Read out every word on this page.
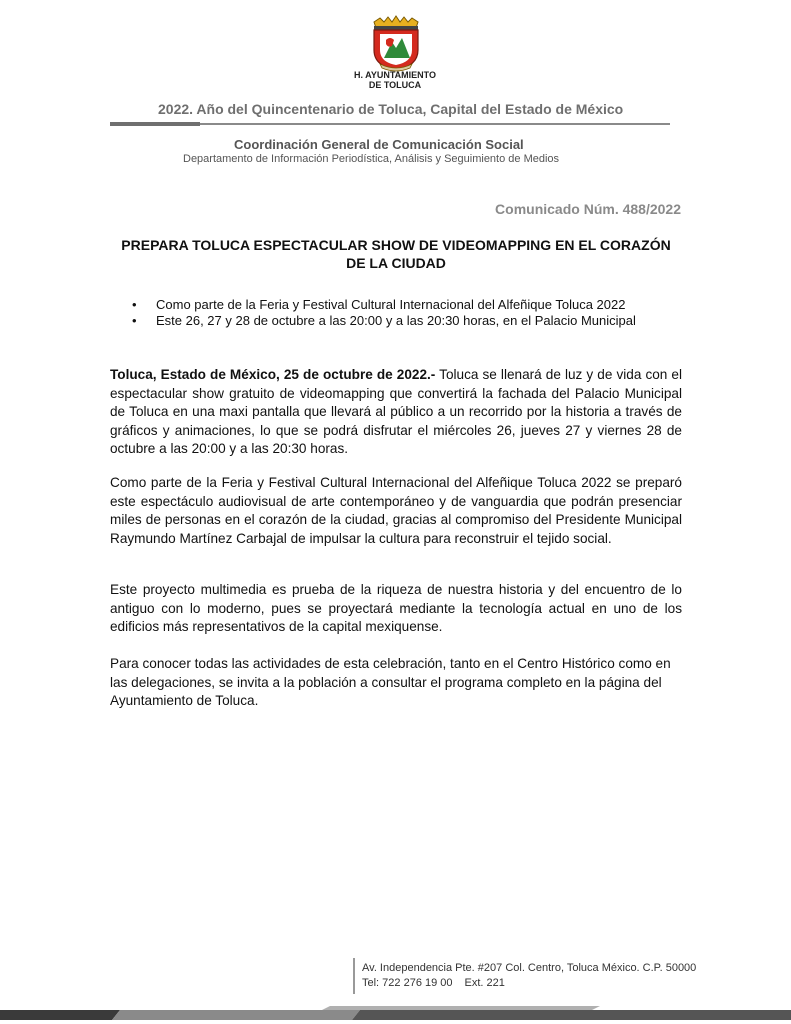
H. AYUNTAMIENTO
DE TOLUCA
2022. Año del Quincentenario de Toluca, Capital del Estado de México
Coordinación General de Comunicación Social
Departamento de Información Periodística, Análisis y Seguimiento de Medios
Comunicado Núm. 488/2022
PREPARA TOLUCA ESPECTACULAR SHOW DE VIDEOMAPPING EN EL CORAZÓN DE LA CIUDAD
• Como parte de la Feria y Festival Cultural Internacional del Alfeñique Toluca 2022
• Este 26, 27 y 28 de octubre a las 20:00 y a las 20:30 horas, en el Palacio Municipal

Toluca, Estado de México, 25 de octubre de 2022.- Toluca se llenará de luz y de vida con el espectacular show gratuito de videomapping que convertirá la fachada del Palacio Municipal de Toluca en una maxi pantalla que llevará al público a un recorrido por la historia a través de gráficos y animaciones, lo que se podrá disfrutar el miércoles 26, jueves 27 y viernes 28 de octubre a las 20:00 y a las 20:30 horas.

Como parte de la Feria y Festival Cultural Internacional del Alfeñique Toluca 2022 se preparó este espectáculo audiovisual de arte contemporáneo y de vanguardia que podrán presenciar miles de personas en el corazón de la ciudad, gracias al compromiso del Presidente Municipal Raymundo Martínez Carbajal de impulsar la cultura para reconstruir el tejido social.

Este proyecto multimedia es prueba de la riqueza de nuestra historia y del encuentro de lo antiguo con lo moderno, pues se proyectará mediante la tecnología actual en uno de los edificios más representativos de la capital mexiquense.

Para conocer todas las actividades de esta celebración, tanto en el Centro Histórico como en las delegaciones, se invita a la población a consultar el programa completo en la página del Ayuntamiento de Toluca.

Av. Independencia Pte. #207 Col. Centro, Toluca México. C.P. 50000
Tel: 722 276 19 00 Ext. 221
